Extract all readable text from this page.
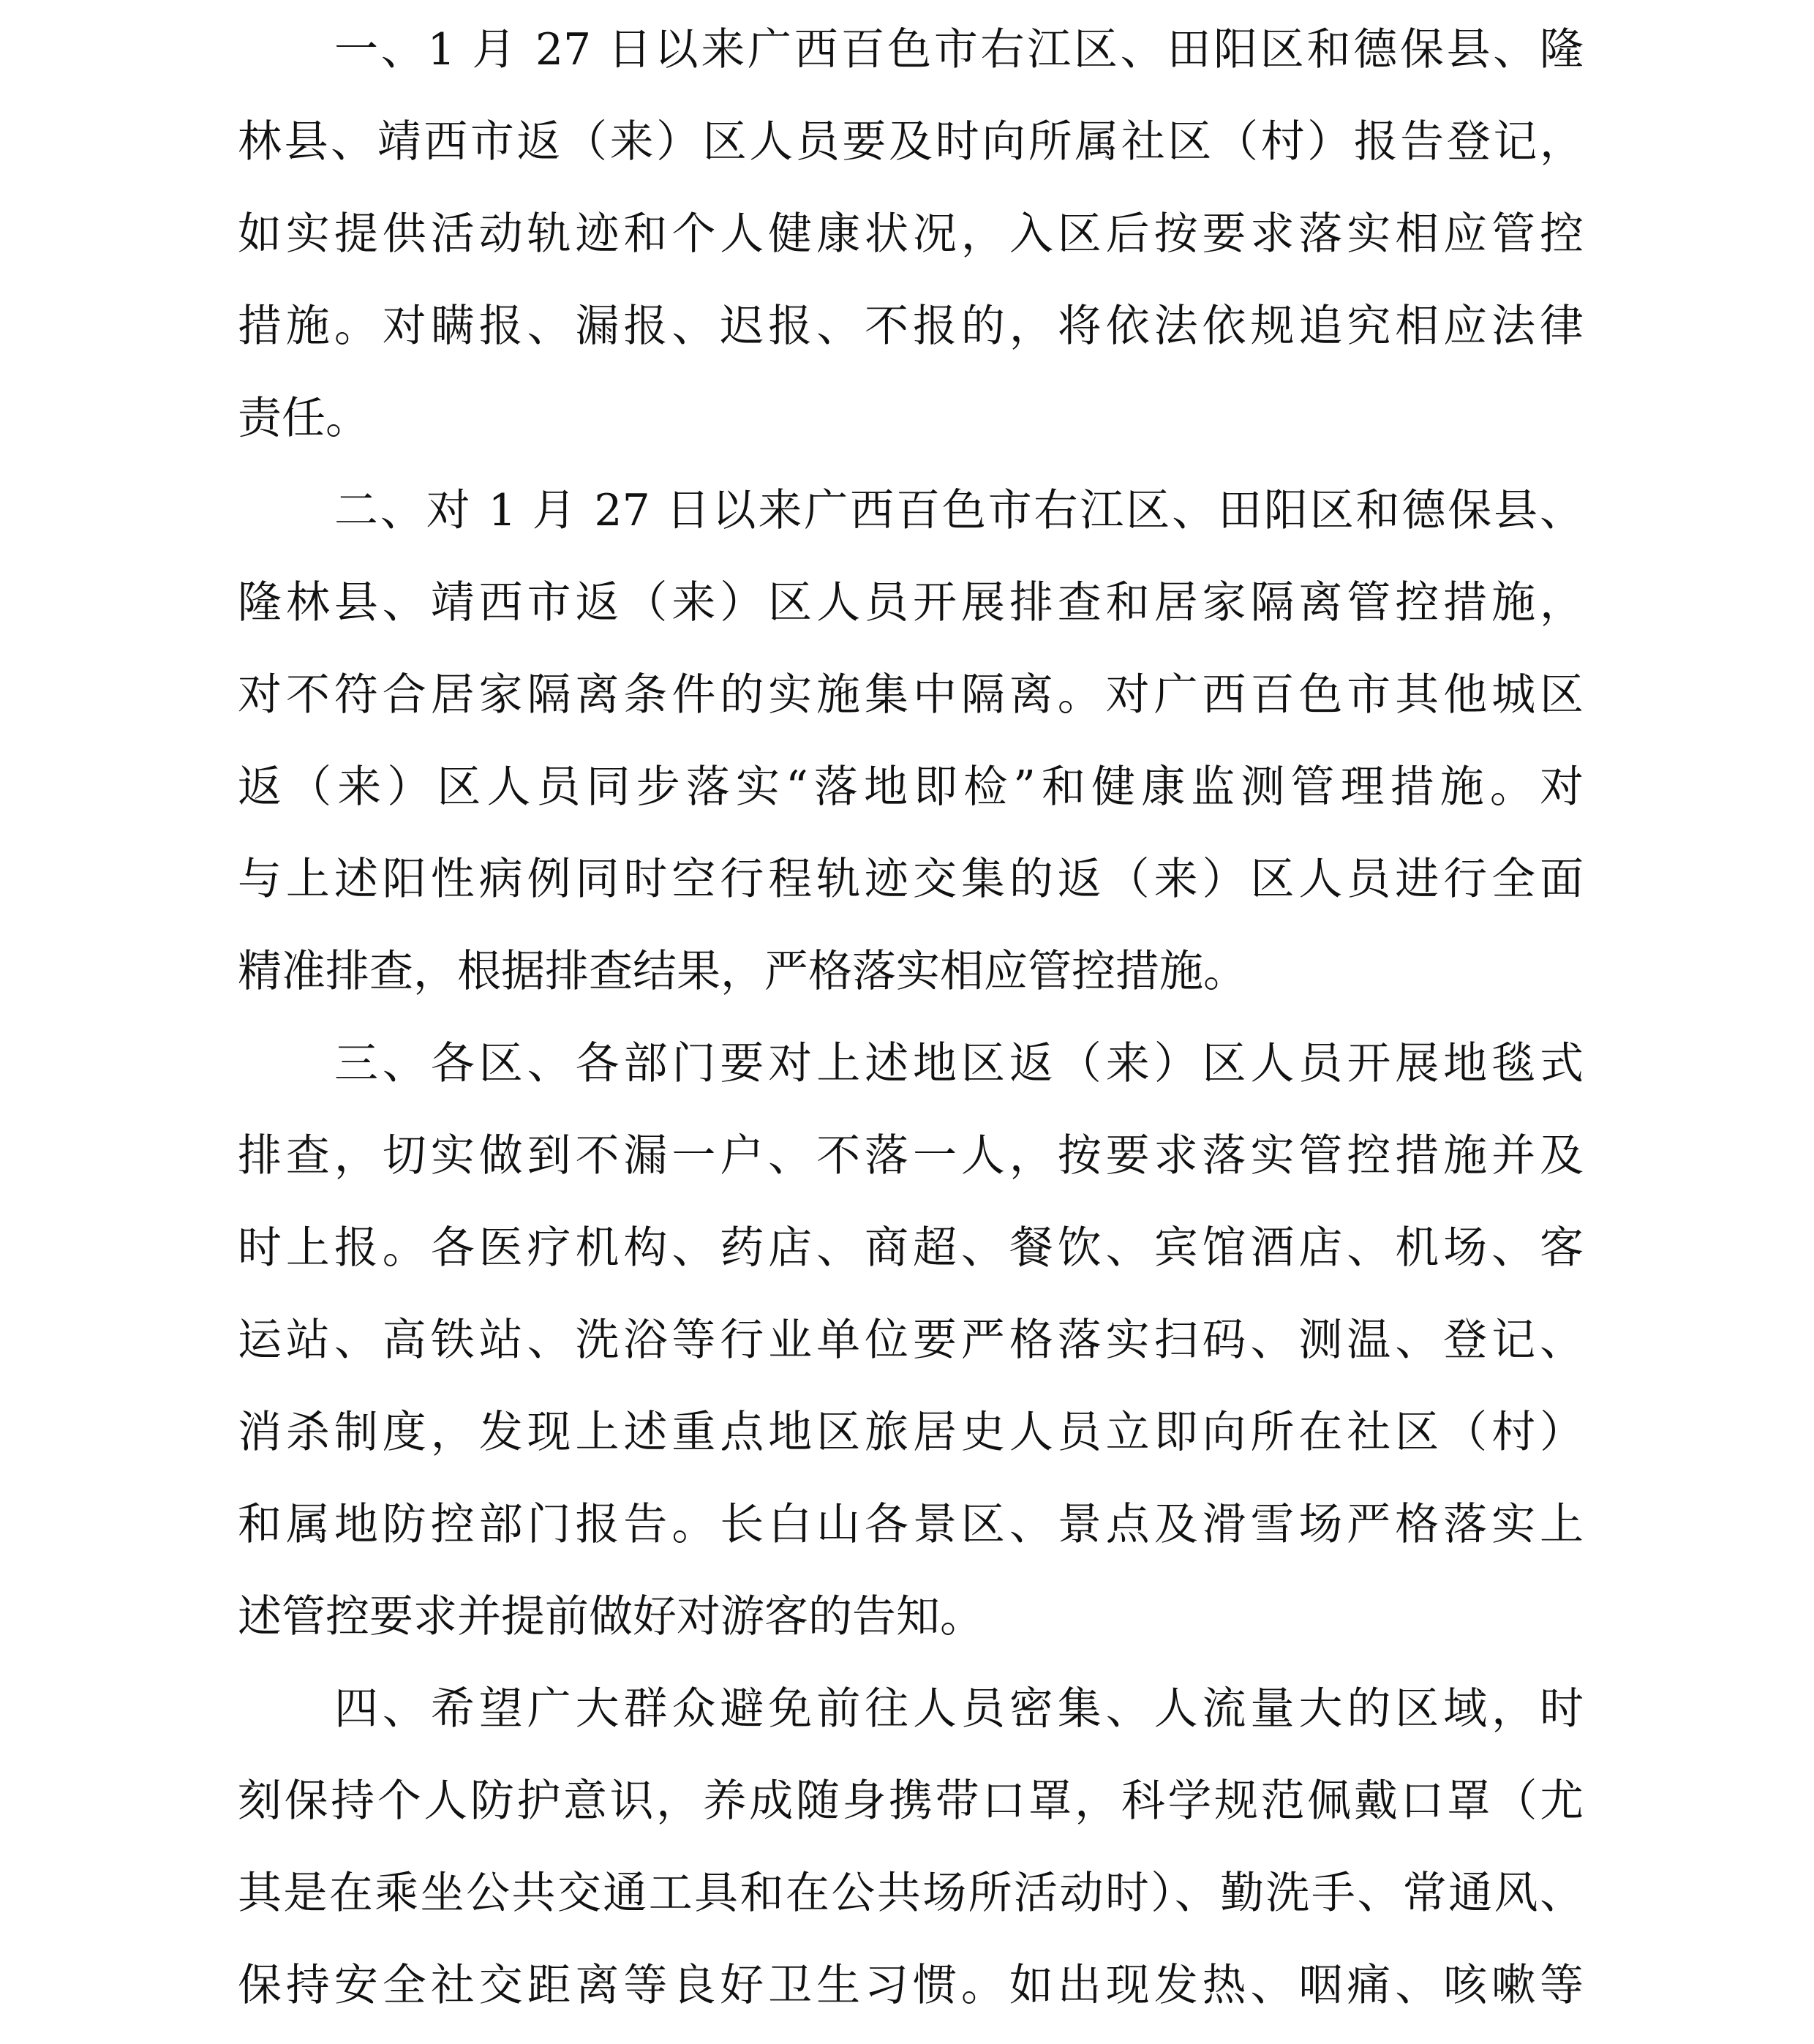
一、1 月 27 日以来广西百色市右江区、田阳区和德保县、隆
林县、靖西市返（来）区人员要及时向所属社区（村）报告登记，
如实提供活动轨迹和个人健康状况，入区后按要求落实相应管控
措施。对瞒报、漏报、迟报、不报的，将依法依规追究相应法律
责任。
二、对 1 月 27 日以来广西百色市右江区、田阳区和德保县、
隆林县、靖西市返（来）区人员开展排查和居家隔离管控措施，
对不符合居家隔离条件的实施集中隔离。对广西百色市其他城区
返（来）区人员同步落实“落地即检”和健康监测管理措施。对
与上述阳性病例同时空行程轨迹交集的返（来）区人员进行全面
精准排查，根据排查结果，严格落实相应管控措施。
三、各区、各部门要对上述地区返（来）区人员开展地毯式
排查，切实做到不漏一户、不落一人，按要求落实管控措施并及
时上报。各医疗机构、药店、商超、餐饮、宾馆酒店、机场、客
运站、高铁站、洗浴等行业单位要严格落实扫码、测温、登记、
消杀制度，发现上述重点地区旅居史人员立即向所在社区（村）
和属地防控部门报告。长白山各景区、景点及滑雪场严格落实上
述管控要求并提前做好对游客的告知。
四、希望广大群众避免前往人员密集、人流量大的区域，时
刻保持个人防护意识，养成随身携带口罩，科学规范佩戴口罩（尤
其是在乘坐公共交通工具和在公共场所活动时）、勤洗手、常通风、
保持安全社交距离等良好卫生习惯。如出现发热、咽痛、咳嗽等
